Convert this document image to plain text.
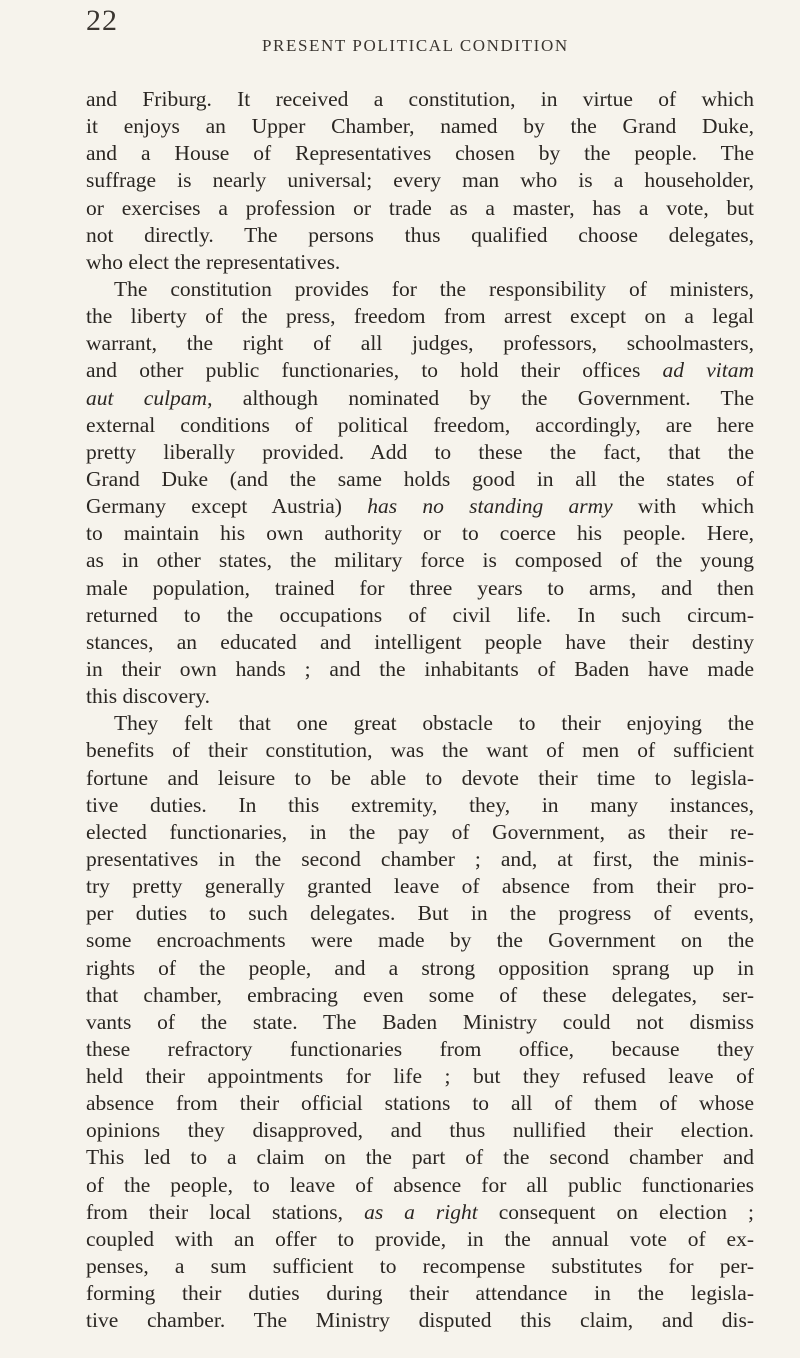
22
PRESENT POLITICAL CONDITION
and Friburg. It received a constitution, in virtue of which
it enjoys an Upper Chamber, named by the Grand Duke,
and a House of Representatives chosen by the people. The
suffrage is nearly universal; every man who is a householder,
or exercises a profession or trade as a master, has a vote, but
not directly. The persons thus qualified choose delegates,
who elect the representatives.
The constitution provides for the responsibility of ministers,
the liberty of the press, freedom from arrest except on a legal
warrant, the right of all judges, professors, schoolmasters,
and other public functionaries, to hold their offices ad vitam
aut culpam, although nominated by the Government. The
external conditions of political freedom, accordingly, are here
pretty liberally provided. Add to these the fact, that the
Grand Duke (and the same holds good in all the states of
Germany except Austria) has no standing army with which
to maintain his own authority or to coerce his people. Here,
as in other states, the military force is composed of the young
male population, trained for three years to arms, and then
returned to the occupations of civil life. In such circum-
stances, an educated and intelligent people have their destiny
in their own hands ; and the inhabitants of Baden have made
this discovery.
They felt that one great obstacle to their enjoying the
benefits of their constitution, was the want of men of sufficient
fortune and leisure to be able to devote their time to legisla-
tive duties. In this extremity, they, in many instances,
elected functionaries, in the pay of Government, as their re-
presentatives in the second chamber ; and, at first, the minis-
try pretty generally granted leave of absence from their pro-
per duties to such delegates. But in the progress of events,
some encroachments were made by the Government on the
rights of the people, and a strong opposition sprang up in
that chamber, embracing even some of these delegates, ser-
vants of the state. The Baden Ministry could not dismiss
these refractory functionaries from office, because they
held their appointments for life ; but they refused leave of
absence from their official stations to all of them of whose
opinions they disapproved, and thus nullified their election.
This led to a claim on the part of the second chamber and
of the people, to leave of absence for all public functionaries
from their local stations, as a right consequent on election ;
coupled with an offer to provide, in the annual vote of ex-
penses, a sum sufficient to recompense substitutes for per-
forming their duties during their attendance in the legisla-
tive chamber. The Ministry disputed this claim, and dis-
